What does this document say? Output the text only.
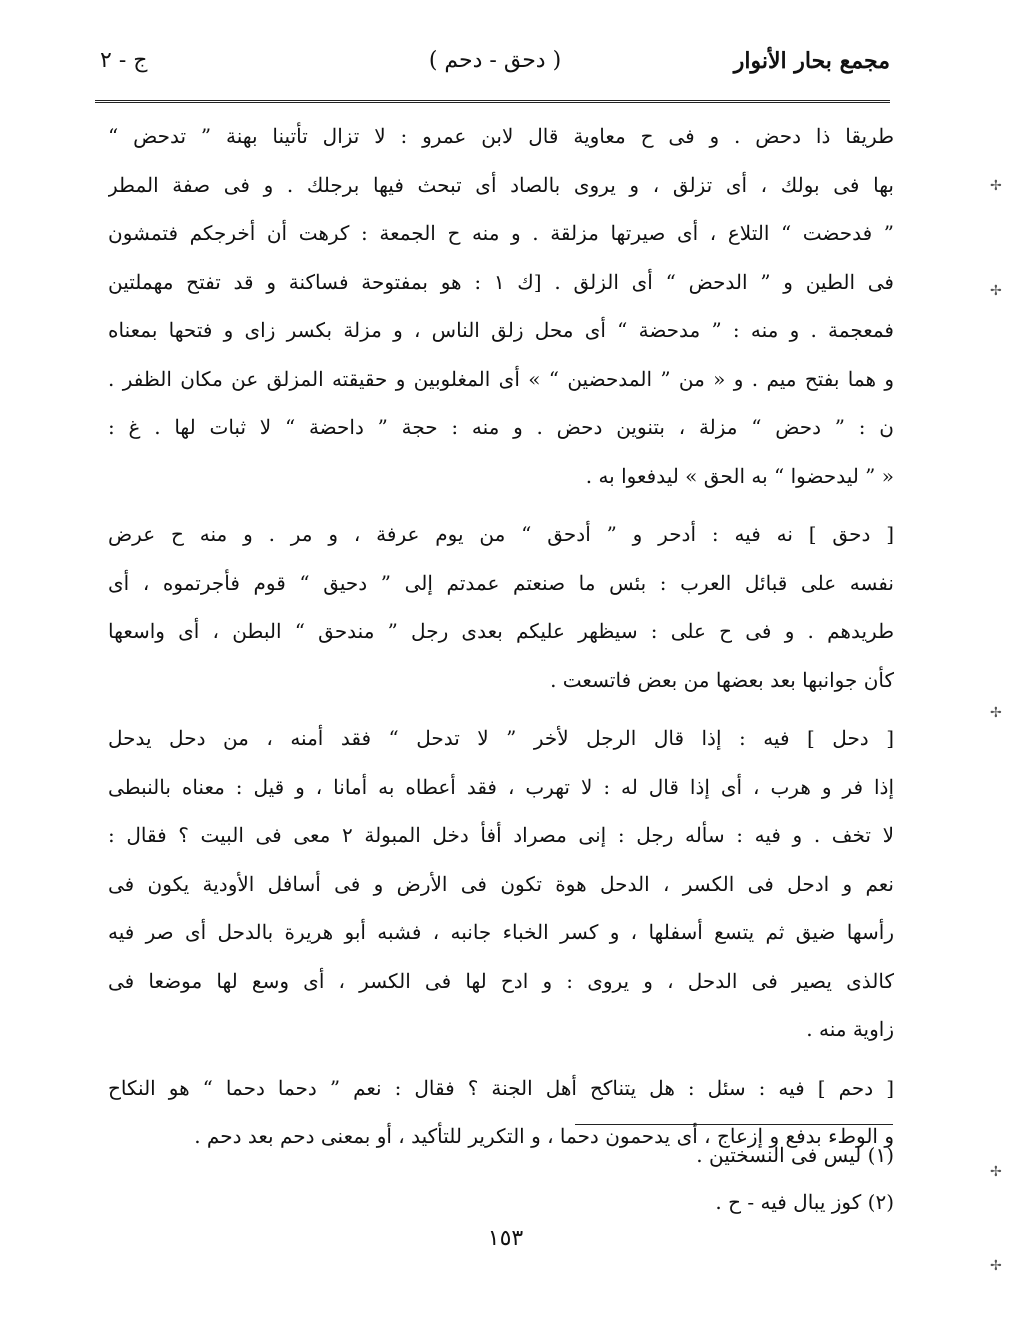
مجمع بحار الأنوار
( دحق - دحم )
ج - ٢
طريقا ذا دحض . و فى ح معاوية قال لابن عمرو : لا تزال تأتينا بهنة ” تدحض “
بها فى بولك ، أى تزلق ، و يروى بالصاد أى تبحث فيها برجلك . و فى صفة المطر
” فدحضت “ التلاع ، أى صيرتها مزلقة . و منه ح الجمعة : كرهت أن أخرجكم فتمشون
فى الطين و ” الدحض “ أى الزلق . [ك ١ : هو بمفتوحة فساكنة و قد تفتح مهملتين
فمعجمة . و منه : ” مدحضة “ أى محل زلق الناس ، و مزلة بكسر زاى و فتحها بمعناه
و هما بفتح ميم . و « من ” المدحضين “ » أى المغلوبين و حقيقته المزلق عن مكان الظفر .
ن : ” دحض “ مزلة ، بتنوين دحض . و منه : حجة ” داحضة “ لا ثبات لها . غ :
« ” ليدحضوا “ به الحق » ليدفعوا به .
[ دحق ] نه فيه : أدحر و ” أدحق “ من يوم عرفة ، و مر . و منه ح عرض
نفسه على قبائل العرب : بئس ما صنعتم عمدتم إلى ” دحيق “ قوم فأجرتموه ، أى
طريدهم . و فى ح على : سيظهر عليكم بعدى رجل ” مندحق “ البطن ، أى واسعها
كأن جوانبها بعد بعضها من بعض فاتسعت .
[ دحل ] فيه : إذا قال الرجل لأخر ” لا تدحل “ فقد أمنه ، من دحل يدحل
إذا فر و هرب ، أى إذا قال له : لا تهرب ، فقد أعطاه به أمانا ، و قيل : معناه بالنبطى
لا تخف . و فيه : سأله رجل : إنى مصراد أفأ دخل المبولة ٢ معى فى البيت ؟ فقال :
نعم و ادحل فى الكسر ، الدحل هوة تكون فى الأرض و فى أسافل الأودية يكون فى
رأسها ضيق ثم يتسع أسفلها ، و كسر الخباء جانبه ، فشبه أبو هريرة بالدحل أى صر فيه
كالذى يصير فى الدحل ، و يروى : و ادح لها فى الكسر ، أى وسع لها موضعا فى
زاوية منه .
[ دحم ] فيه : سئل : هل يتناكح أهل الجنة ؟ فقال : نعم ” دحما دحما “ هو النكاح
و الوطء بدفع و إزعاج ، أى يدحمون دحما ، و التكرير للتأكيد ، أو بمعنى دحم بعد دحم .
(١) ليس فى النسختين .
(٢) كوز يبال فيه - ح .
١٥٣
✢
✢
✢
✢
✢
